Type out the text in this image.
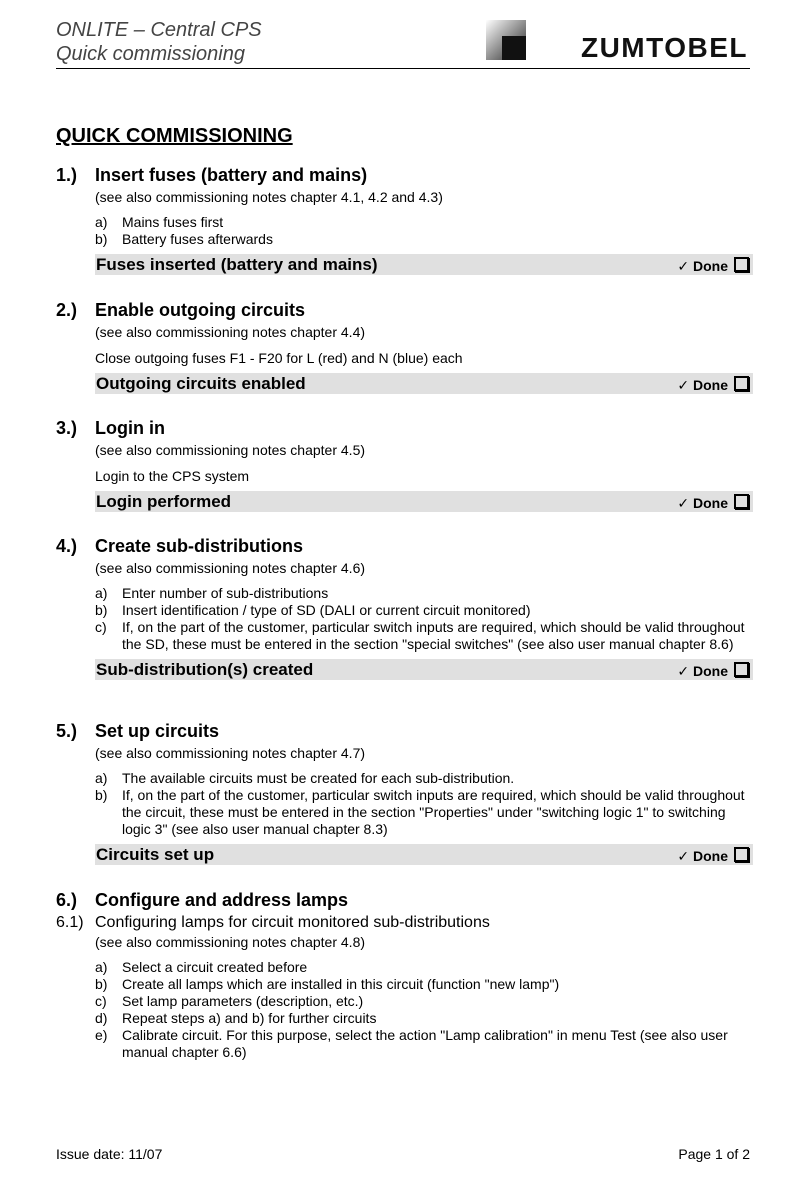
ONLITE – Central CPS
Quick commissioning	ZUMTOBEL
QUICK COMMISSIONING
1.) Insert fuses (battery and mains)
(see also commissioning notes chapter 4.1, 4.2 and 4.3)
a) Mains fuses first
b) Battery fuses afterwards
Fuses inserted (battery and mains)	✓ Done
2.) Enable outgoing circuits
(see also commissioning notes chapter 4.4)
Close outgoing fuses F1 - F20 for L (red) and N (blue) each
Outgoing circuits enabled	✓ Done
3.) Login in
(see also commissioning notes chapter 4.5)
Login to the CPS system
Login performed	✓ Done
4.) Create sub-distributions
(see also commissioning notes chapter 4.6)
a) Enter number of sub-distributions
b) Insert identification / type of SD (DALI or current circuit monitored)
c) If, on the part of the customer, particular switch inputs are required, which should be valid throughout the SD, these must be entered in the section "special switches" (see also user manual chapter 8.6)
Sub-distribution(s) created	✓ Done
5.) Set up circuits
(see also commissioning notes chapter 4.7)
a) The available circuits must be created for each sub-distribution.
b) If, on the part of the customer, particular switch inputs are required, which should be valid throughout the circuit, these must be entered in the section "Properties" under "switching logic 1" to switching logic 3" (see also user manual chapter 8.3)
Circuits set up	✓ Done
6.) Configure and address lamps
6.1) Configuring lamps for circuit monitored sub-distributions
(see also commissioning notes chapter 4.8)
a) Select a circuit created before
b) Create all lamps which are installed in this circuit (function "new lamp")
c) Set lamp parameters (description, etc.)
d) Repeat steps a) and b) for further circuits
e) Calibrate circuit. For this purpose, select the action "Lamp calibration" in menu Test (see also user manual chapter 6.6)
Issue date: 11/07	Page 1 of 2
